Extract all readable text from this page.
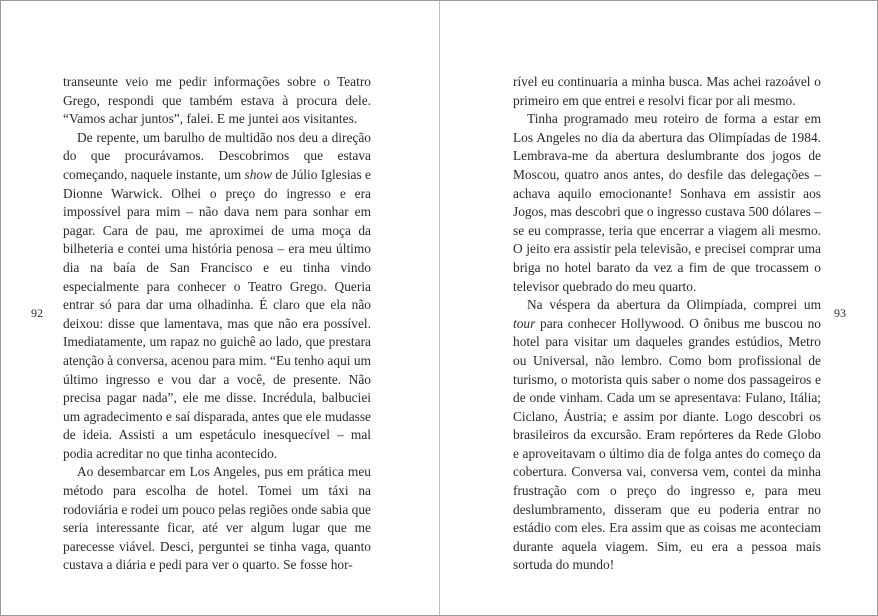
92	93

transeunte veio me pedir informações sobre o Teatro Grego, respondi que também estava à procura dele. “Vamos achar juntos”, falei. E me juntei aos visitantes.

De repente, um barulho de multidão nos deu a direção do que procurávamos. Descobrimos que estava começando, naquele instante, um show de Júlio Iglesias e Dionne Warwick. Olhei o preço do ingresso e era impossível para mim – não dava nem para sonhar em pagar. Cara de pau, me aproximei de uma moça da bilheteria e contei uma história penosa – era meu último dia na baía de San Francisco e eu tinha vindo especialmente para conhecer o Teatro Grego. Queria entrar só para dar uma olhadinha. É claro que ela não deixou: disse que lamentava, mas que não era possível. Imediatamente, um rapaz no guichê ao lado, que prestara atenção à conversa, acenou para mim. “Eu tenho aqui um último ingresso e vou dar a você, de presente. Não precisa pagar nada”, ele me disse. Incrédula, balbuciei um agradecimento e saí disparada, antes que ele mudasse de ideia. Assisti a um espetáculo inesquecível – mal podia acreditar no que tinha acontecido.

Ao desembarcar em Los Angeles, pus em prática meu método para escolha de hotel. Tomei um táxi na rodoviária e rodei um pouco pelas regiões onde sabia que seria interessante ficar, até ver algum lugar que me parecesse viável. Desci, perguntei se tinha vaga, quanto custava a diária e pedi para ver o quarto. Se fosse hor-

rível eu continuaria a minha busca. Mas achei razoável o primeiro em que entrei e resolvi ficar por ali mesmo.

Tinha programado meu roteiro de forma a estar em Los Angeles no dia da abertura das Olimpíadas de 1984. Lembrava-me da abertura deslumbrante dos jogos de Moscou, quatro anos antes, do desfile das delegações – achava aquilo emocionante! Sonhava em assistir aos Jogos, mas descobri que o ingresso custava 500 dólares – se eu comprasse, teria que encerrar a viagem ali mesmo. O jeito era assistir pela televisão, e precisei comprar uma briga no hotel barato da vez a fim de que trocassem o televisor quebrado do meu quarto.

Na véspera da abertura da Olimpíada, comprei um tour para conhecer Hollywood. O ônibus me buscou no hotel para visitar um daqueles grandes estúdios, Metro ou Universal, não lembro. Como bom profissional de turismo, o motorista quis saber o nome dos passageiros e de onde vinham. Cada um se apresentava: Fulano, Itália; Ciclano, Áustria; e assim por diante. Logo descobri os brasileiros da excursão. Eram repórteres da Rede Globo e aproveitavam o último dia de folga antes do começo da cobertura. Conversa vai, conversa vem, contei da minha frustração com o preço do ingresso e, para meu deslumbramento, disseram que eu poderia entrar no estádio com eles. Era assim que as coisas me aconteciam durante aquela viagem. Sim, eu era a pessoa mais sortuda do mundo!
